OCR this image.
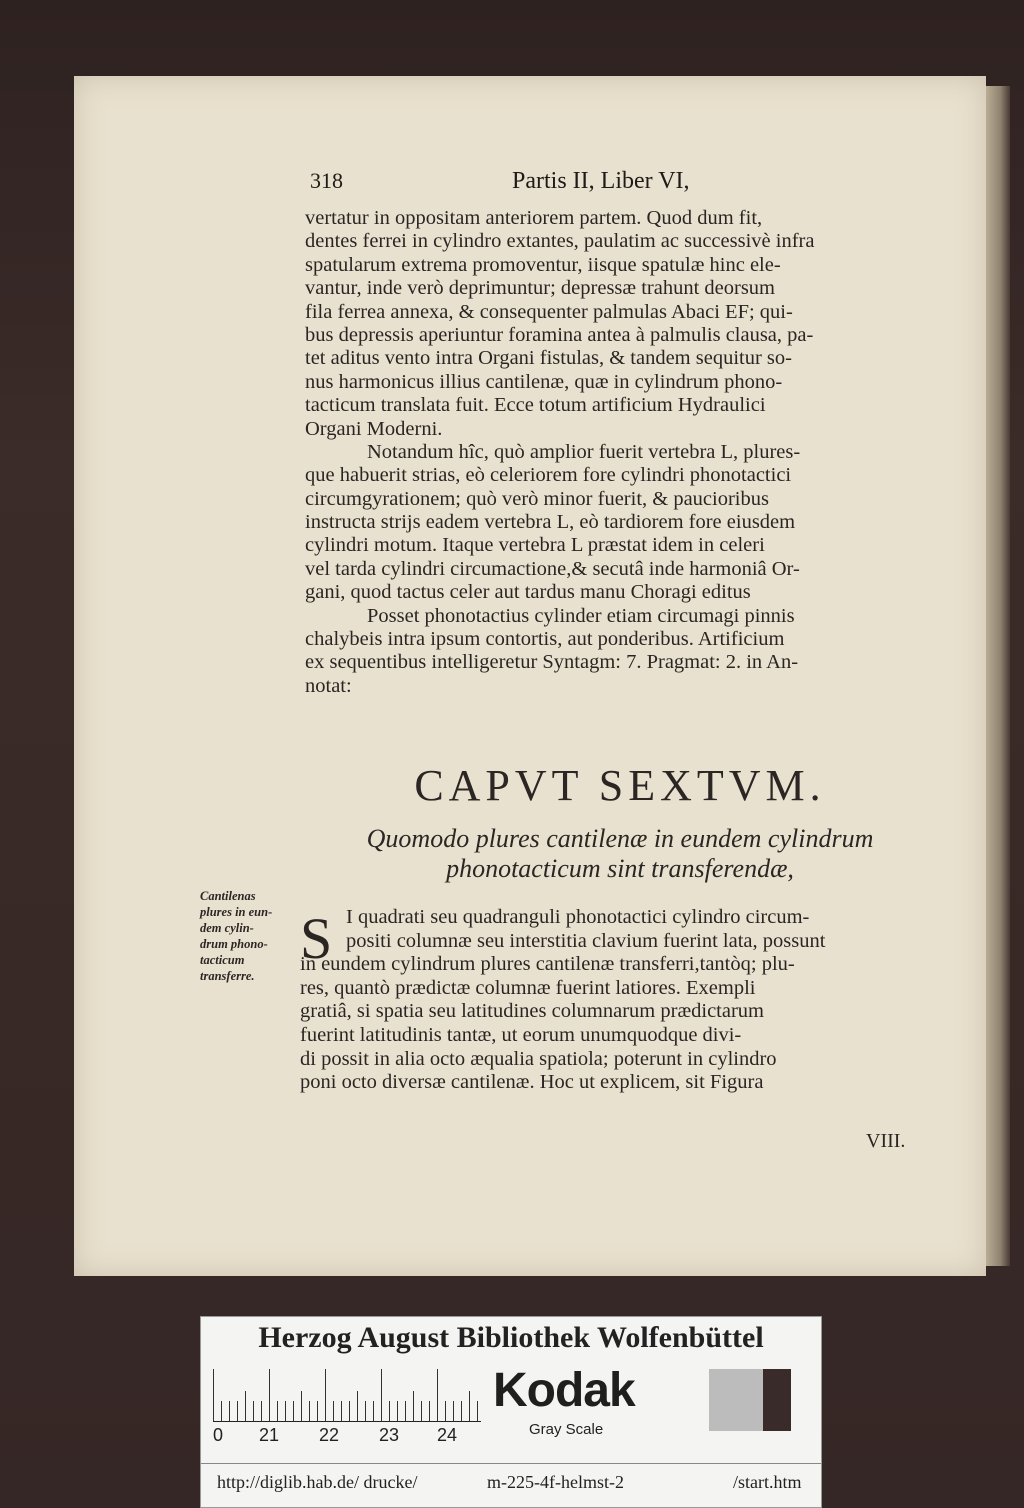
318	Partis II, Liber VI,
vertatur in oppositam anteriorem partem. Quod dum fit,
dentes ferrei in cylindro extantes, paulatim ac successivè infra
spatularum extrema promoventur, iisque spatulæ hinc ele-
vantur, inde verò deprimuntur; depressæ trahunt deorsum
fila ferrea annexa, & consequenter palmulas Abaci EF; qui-
bus depressis aperiuntur foramina antea à palmulis clausa, pa-
tet aditus vento intra Organi fistulas, & tandem sequitur so-
nus harmonicus illius cantilenæ, quæ in cylindrum phono-
tacticum translata fuit. Ecce totum artificium Hydraulici
Organi Moderni.
Notandum hîc, quò amplior fuerit vertebra L, plures-
que habuerit strias, eò celeriorem fore cylindri phonotactici
circumgyrationem; quò verò minor fuerit, & paucioribus
instructa strijs eadem vertebra L, eò tardiorem fore eiusdem
cylindri motum. Itaque vertebra L præstat idem in celeri
vel tarda cylindri circumactione,& secutâ inde harmoniâ Or-
gani, quod tactus celer aut tardus manu Choragi editus
Posset phonotactius cylinder etiam circumagi pinnis
chalybeis intra ipsum contortis, aut ponderibus. Artificium
ex sequentibus intelligeretur Syntagm: 7. Pragmat: 2. in An-
notat:
CAPVT SEXTVM.
Quomodo plures cantilenæ in eundem cylindrum
phonotacticum sint transferendæ,
Cantilenas
plures in eun-
dem cylin-
drum phono-
tacticum
transferre.
S I quadrati seu quadranguli phonotactici cylindro circum-
positi columnæ seu interstitia clavium fuerint lata, possunt
in eundem cylindrum plures cantilenæ transferri,tantòq; plu-
res, quantò prædictæ columnæ fuerint latiores. Exempli
gratiâ, si spatia seu latitudines columnarum prædictarum
fuerint latitudinis tantæ, ut eorum unumquodque divi-
di possit in alia octo æqualia spatiola; poterunt in cylindro
poni octo diversæ cantilenæ. Hoc ut explicem, sit Figura
VIII.
Herzog August Bibliothek Wolfenbüttel
0 21 22 23 24
Kodak
Gray Scale
http://diglib.hab.de/ drucke/	m-225-4f-helmst-2	/start.htm
